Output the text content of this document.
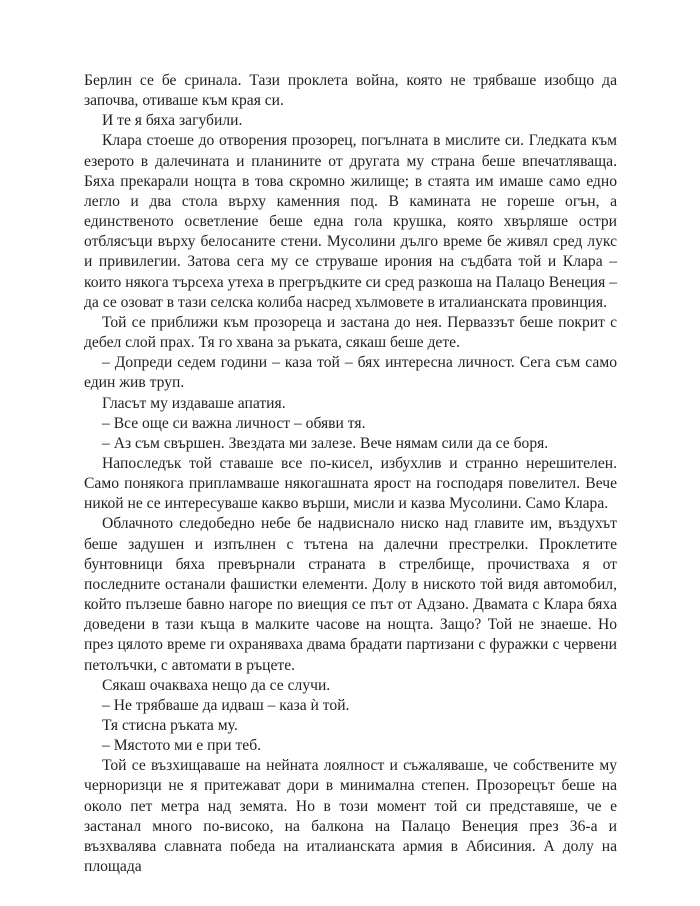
Берлин се бе сринала. Тази проклета война, която не трябваше изобщо да започва, отиваше към края си.

И те я бяха загубили.

Клара стоеше до отворения прозорец, погълната в мислите си. Гледката към езерото в далечината и планините от другата му страна беше впечатляваща. Бяха прекарали нощта в това скромно жилище; в стаята им имаше само едно легло и два стола върху каменния под. В камината не гореше огън, а единственото осветление беше една гола крушка, която хвърляше остри отблясъци върху белосаните стени. Мусолини дълго време бе живял сред лукс и привилегии. Затова сега му се струваше ирония на съдбата той и Клара – които някога търсеха утеха в прегръдките си сред разкоша на Палацо Венеция – да се озоват в тази селска колиба насред хълмовете в италианската провинция.

Той се приближи към прозореца и застана до нея. Перваззът беше покрит с дебел слой прах. Тя го хвана за ръката, сякаш беше дете.

– Допреди седем години – каза той – бях интересна личност. Сега съм само един жив труп.

Гласът му издаваше апатия.

– Все още си важна личност – обяви тя.

– Аз съм свършен. Звездата ми залезе. Вече нямам сили да се боря.

Напоследък той ставаше все по-кисел, избухлив и странно нерешителен. Само понякога припламваше някогашната ярост на господаря повелител. Вече никой не се интересуваше какво върши, мисли и казва Мусолини. Само Клара.

Облачното следобедно небе бе надвиснало ниско над главите им, въздухът беше задушен и изпълнен с тътена на далечни престрелки. Проклетите бунтовници бяха превърнали страната в стрелбище, прочистваха я от последните останали фашистки елементи. Долу в ниското той видя автомобил, който пълзеше бавно нагоре по виещия се път от Адзано. Двамата с Клара бяха доведени в тази къща в малките часове на нощта. Защо? Той не знаеше. Но през цялото време ги охраняваха двама брадати партизани с фуражки с червени петолъчки, с автомати в ръцете.

Сякаш очакваха нещо да се случи.

– Не трябваше да идваш – каза ѝ той.

Тя стисна ръката му.

– Мястото ми е при теб.

Той се възхищаваше на нейната лоялност и съжаляваше, че собствените му чернoризци не я притежават дори в минимална степен. Прозорецът беше на около пет метра над земята. Но в този момент той си представяше, че е застанал много по-високо, на балкона на Палацо Венеция през 36-а и възхвалява славната победа на италианската армия в Абисиния. А долу на площада
